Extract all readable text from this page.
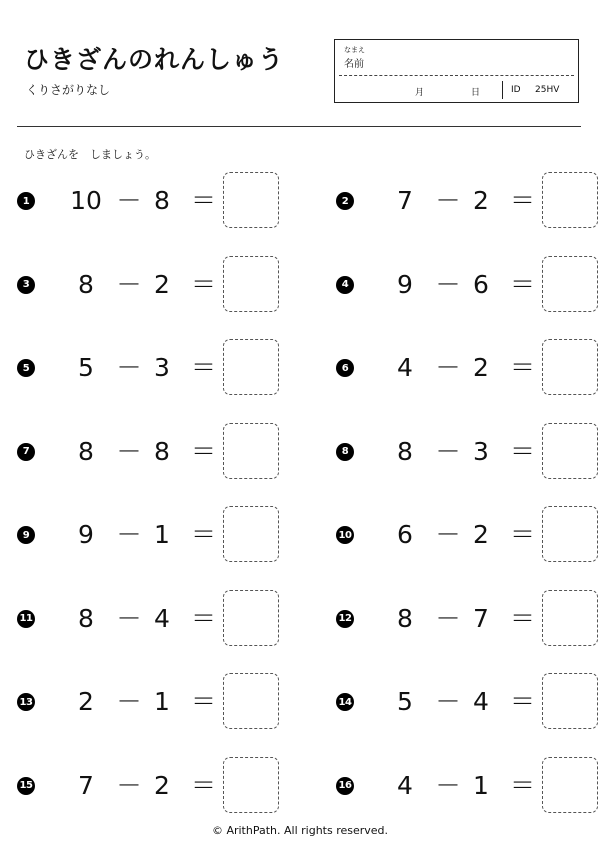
ひきざんのれんしゅう
くりさがりなし
なまえ
名前
月	日	ID 25HV
ひきざんを　しましょう。
1	10 － 8 ＝	2	7 － 2 ＝
3	8 － 2 ＝	4	9 － 6 ＝
5	5 － 3 ＝	6	4 － 2 ＝
7	8 － 8 ＝	8	8 － 3 ＝
9	9 － 1 ＝	10	6 － 2 ＝
11	8 － 4 ＝	12	8 － 7 ＝
13	2 － 1 ＝	14	5 － 4 ＝
15	7 － 2 ＝	16	4 － 1 ＝
© ArithPath. All rights reserved.
